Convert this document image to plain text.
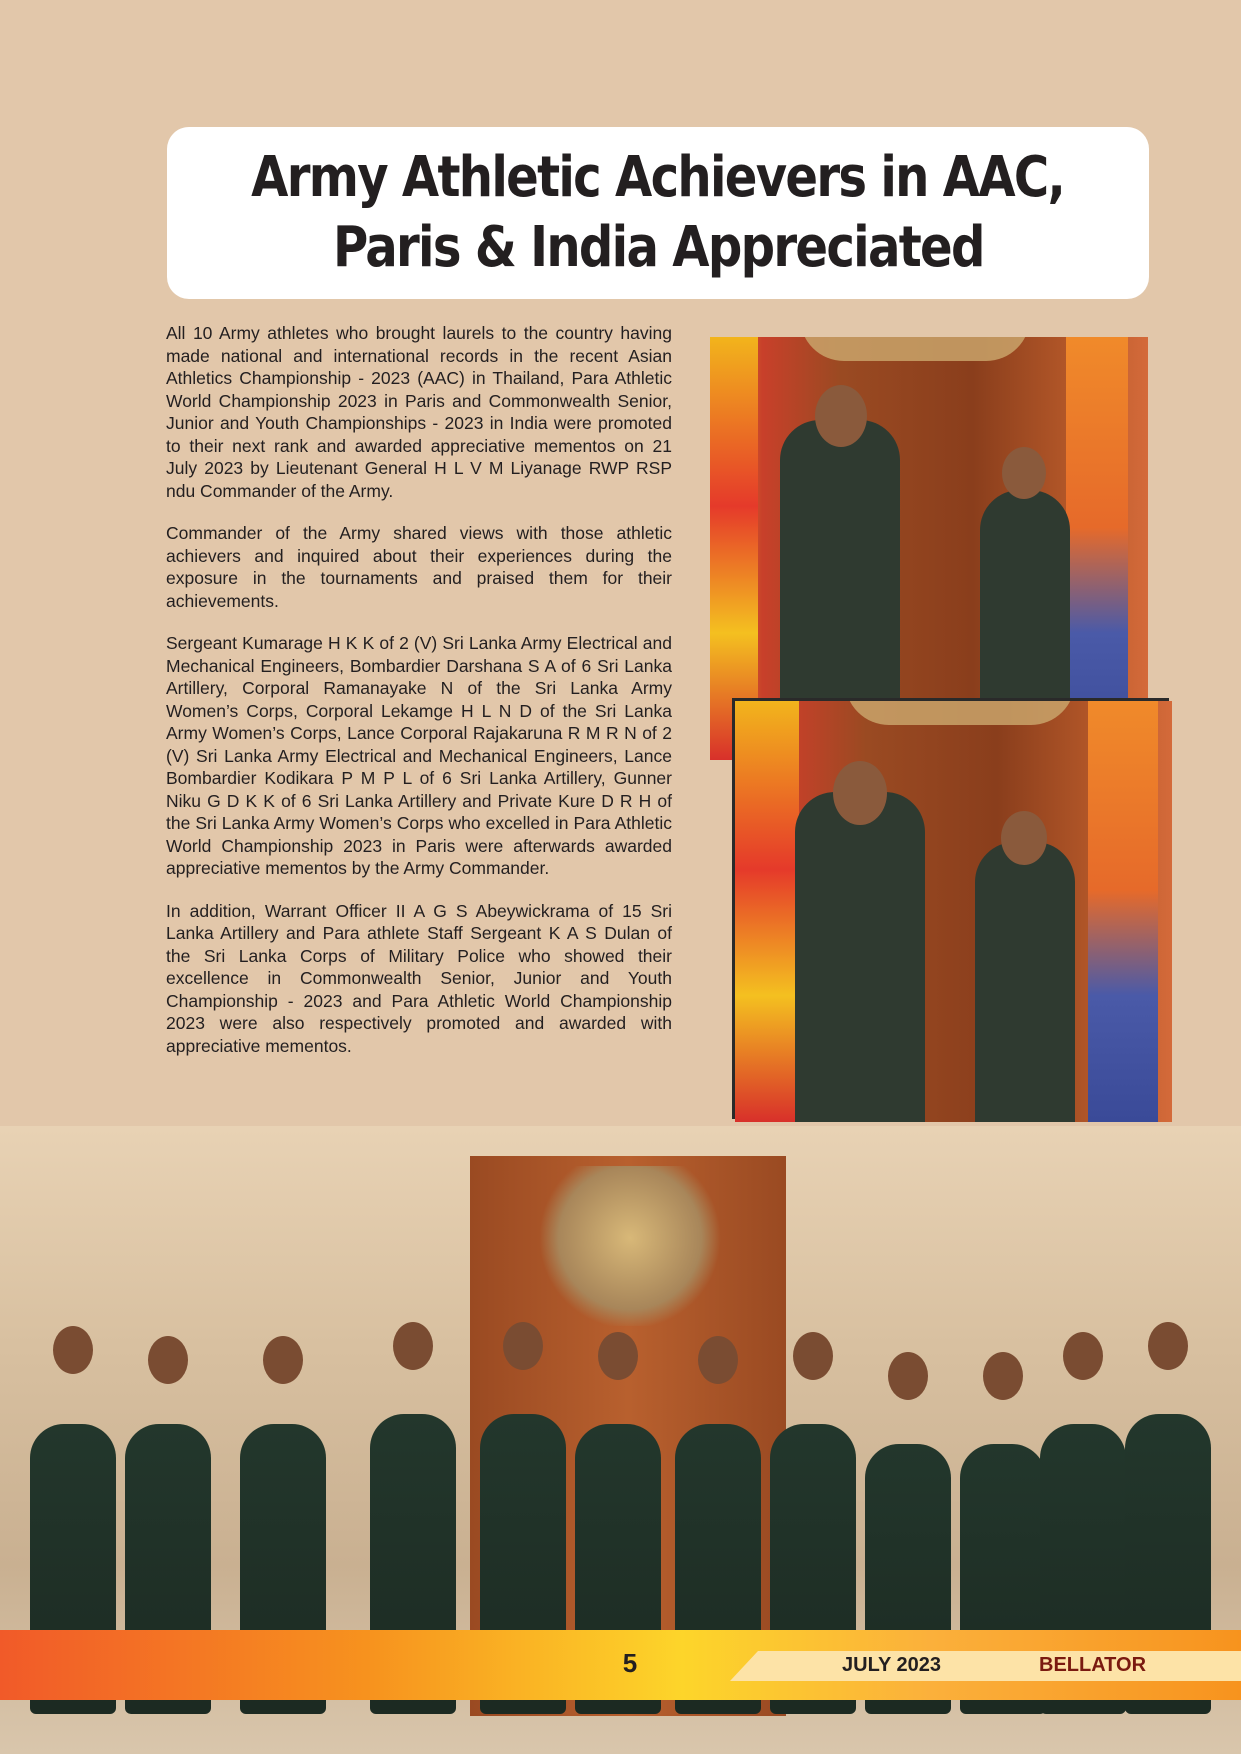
Army Athletic Achievers in AAC,
Paris & India Appreciated

All 10 Army athletes who brought laurels to the country having made national and international records in the recent Asian Athletics Championship - 2023 (AAC) in Thailand, Para Athletic World Championship 2023 in Paris and Commonwealth Senior, Junior and Youth Championships - 2023 in India were promoted to their next rank and awarded appreciative mementos on 21 July 2023 by Lieutenant General H L V M Liyanage RWP RSP ndu Commander of the Army.

Commander of the Army shared views with those athletic achievers and inquired about their experiences during the exposure in the tournaments and praised them for their achievements.

Sergeant Kumarage H K K of 2 (V) Sri Lanka Army Electrical and Mechanical Engineers, Bombardier Darshana S A of 6 Sri Lanka Artillery, Corporal Ramanayake N of the Sri Lanka Army Women’s Corps, Corporal Lekamge H L N D of the Sri Lanka Army Women’s Corps, Lance Corporal Rajakaruna R M R N of 2 (V) Sri Lanka Army Electrical and Mechanical Engineers, Lance Bombardier Kodikara P M P L of 6 Sri Lanka Artillery, Gunner Niku G D K K of 6 Sri Lanka Artillery and Private Kure D R H of the Sri Lanka Army Women’s Corps who excelled in Para Athletic World Championship 2023 in Paris were afterwards awarded appreciative mementos by the Army Commander.

In addition, Warrant Officer II A G S Abeywickrama of 15 Sri Lanka Artillery and Para athlete Staff Sergeant K A S Dulan of the Sri Lanka Corps of Military Police who showed their excellence in Commonwealth Senior, Junior and Youth Championship - 2023 and Para Athletic World Championship 2023 were also respectively promoted and awarded with appreciative mementos.

5	JULY 2023	BELLATOR
